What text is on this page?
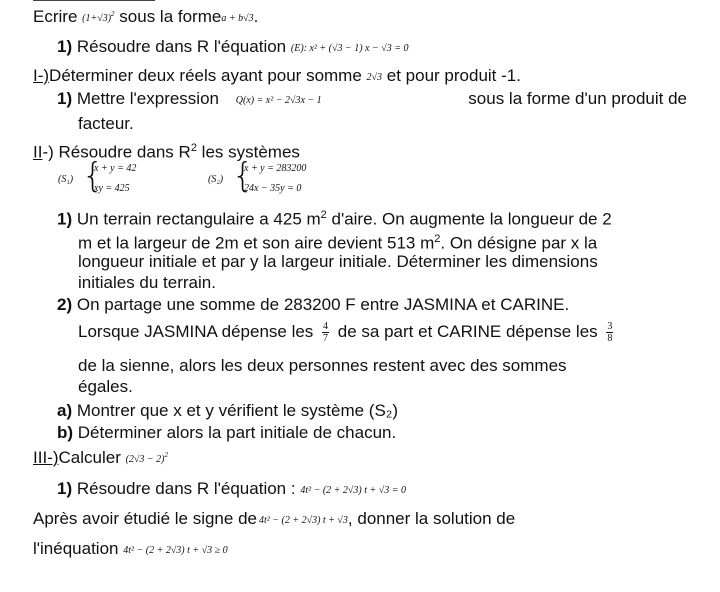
Ecrire $(1+√3)^2$ sous la formea + b√3.
1) Résoudre dans R l'équation (E): x² + (√3 − 1) x − √3 = 0
I-)Déterminer deux réels ayant pour somme 2√3 et pour produit -1.
1) Mettre l'expression Q(x) = x² − 2√3x − 1	sous la forme d'un produit de
facteur.
II-) Résoudre dans $R^2$ les systèmes
(S₁) {
x + y = 42
xy = 425
(S₂) {
x + y = 283200
24x − 35y = 0
1) Un terrain rectangulaire a 425 $m^2$ d'aire. On augmente la longueur de 2
m et la largeur de 2m et son aire devient 513 $m^2$. On désigne par x la
longueur initiale et par y la largeur initiale. Déterminer les dimensions
initiales du terrain.
2) On partage une somme de 283200 F entre JASMINA et CARINE.
Lorsque JASMINA dépense les $\frac{4}{7}$ de sa part et CARINE dépense les $\frac{3}{8}$
de la sienne, alors les deux personnes restent avec des sommes
égales.
a) Montrer que x et y vérifient le système (S₂)
b) Déterminer alors la part initiale de chacun.
III-)Calculer $(2√3 - 2)^2$
1) Résoudre dans R l'équation : 4t² − (2 + 2√3) t + √3 = 0
Après avoir étudié le signe de 4t² − (2 + 2√3) t + √3, donner la solution de
l'inéquation 4t² − (2 + 2√3) t + √3 ≥ 0
